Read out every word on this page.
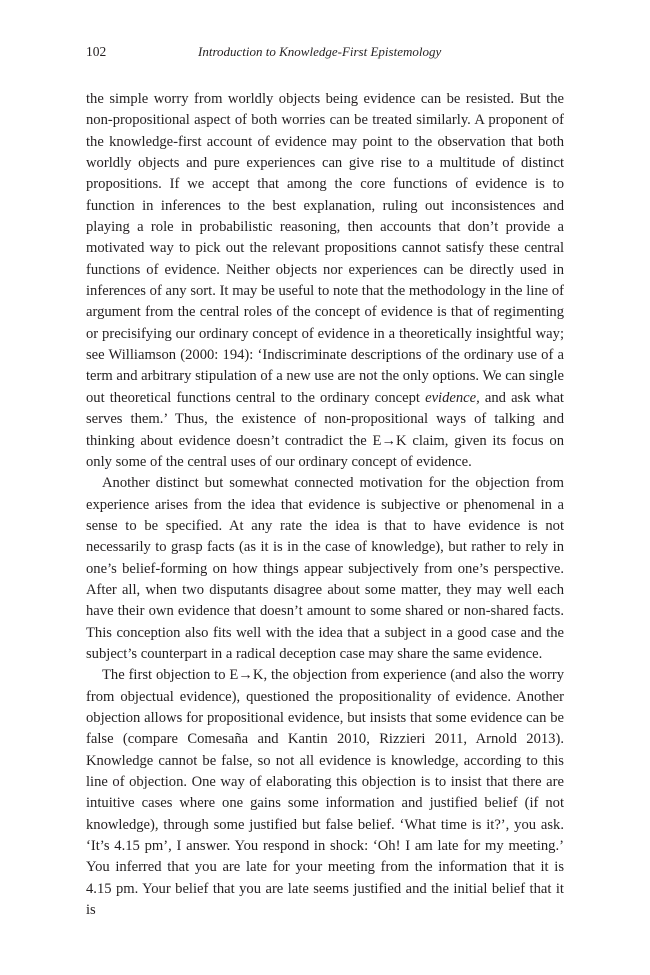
102	Introduction to Knowledge-First Epistemology

the simple worry from worldly objects being evidence can be resisted. But the non-propositional aspect of both worries can be treated similarly. A proponent of the knowledge-first account of evidence may point to the observation that both worldly objects and pure experiences can give rise to a multitude of distinct propositions. If we accept that among the core functions of evidence is to function in inferences to the best explanation, ruling out inconsistences and playing a role in probabilistic reasoning, then accounts that don’t provide a motivated way to pick out the relevant propositions cannot satisfy these central functions of evidence. Neither objects nor experiences can be directly used in inferences of any sort. It may be useful to note that the methodology in the line of argument from the central roles of the concept of evidence is that of regimenting or precisifying our ordinary concept of evidence in a theoretically insightful way; see Williamson (2000: 194): ‘Indiscriminate descriptions of the ordinary use of a term and arbitrary stipulation of a new use are not the only options. We can single out theoretical functions central to the ordinary concept evidence, and ask what serves them.’ Thus, the existence of non-propositional ways of talking and thinking about evidence doesn’t contradict the E→K claim, given its focus on only some of the central uses of our ordinary concept of evidence.

Another distinct but somewhat connected motivation for the objection from experience arises from the idea that evidence is subjective or phenomenal in a sense to be specified. At any rate the idea is that to have evidence is not necessarily to grasp facts (as it is in the case of knowledge), but rather to rely in one’s belief-forming on how things appear subjectively from one’s perspective. After all, when two disputants disagree about some matter, they may well each have their own evidence that doesn’t amount to some shared or non-shared facts. This conception also fits well with the idea that a subject in a good case and the subject’s counterpart in a radical deception case may share the same evidence.

The first objection to E→K, the objection from experience (and also the worry from objectual evidence), questioned the propositionality of evidence. Another objection allows for propositional evidence, but insists that some evidence can be false (compare Comesaña and Kantin 2010, Rizzieri 2011, Arnold 2013). Knowledge cannot be false, so not all evidence is knowledge, according to this line of objection. One way of elaborating this objection is to insist that there are intuitive cases where one gains some information and justified belief (if not knowledge), through some justified but false belief. ‘What time is it?’, you ask. ‘It’s 4.15 pm’, I answer. You respond in shock: ‘Oh! I am late for my meeting.’ You inferred that you are late for your meeting from the information that it is 4.15 pm. Your belief that you are late seems justified and the initial belief that it is
